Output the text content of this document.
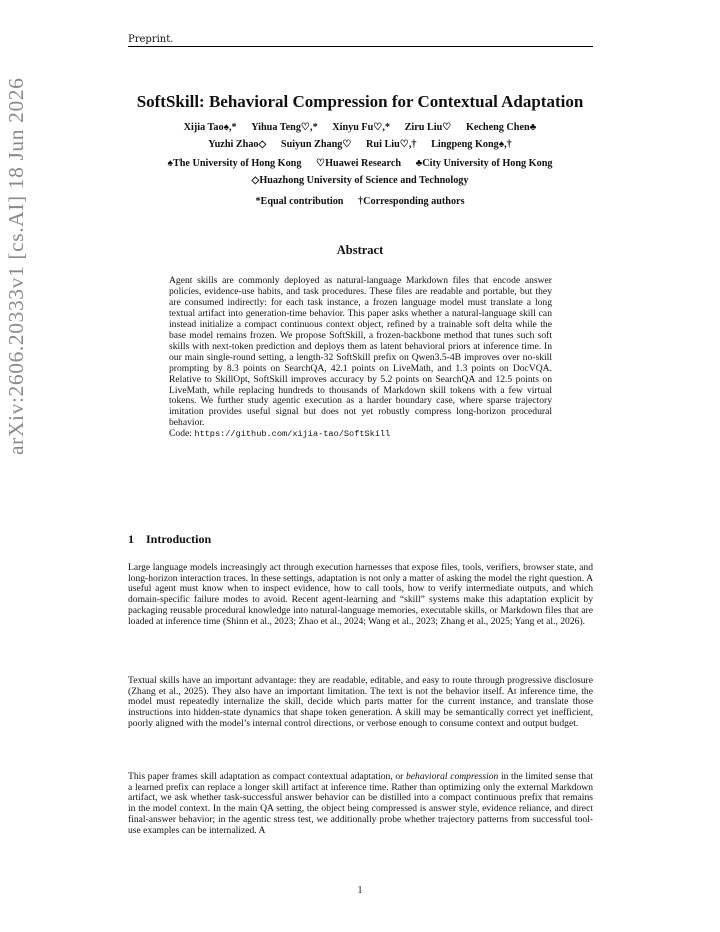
Preprint.
arXiv:2606.20333v1 [cs.AI] 18 Jun 2026	SoftSkill: Behavioral Compression for Contextual Adaptation
Xijia Tao♠,* Yihua Teng♡,* Xinyu Fu♡,* Ziru Liu♡ Kecheng Chen♣
Yuzhi Zhao◇ Suiyun Zhang♡ Rui Liu♡,† Lingpeng Kong♠,†
♠The University of Hong Kong ♡Huawei Research ♣City University of Hong Kong
◇Huazhong University of Science and Technology
*Equal contribution †Corresponding authors
Abstract
Agent skills are commonly deployed as natural-language Markdown files that encode answer policies, evidence-use habits, and task procedures. These files are readable and portable, but they are consumed indirectly: for each task instance, a frozen language model must translate a long textual artifact into generation-time behavior. This paper asks whether a natural-language skill can instead initialize a compact continuous context object, refined by a trainable soft delta while the base model remains frozen. We propose SoftSkill, a frozen-backbone method that tunes such soft skills with next-token prediction and deploys them as latent behavioral priors at inference time. In our main single-round setting, a length-32 SoftSkill prefix on Qwen3.5-4B improves over no-skill prompting by 8.3 points on SearchQA, 42.1 points on LiveMath, and 1.3 points on DocVQA. Relative to SkillOpt, SoftSkill improves accuracy by 5.2 points on SearchQA and 12.5 points on LiveMath, while replacing hundreds to thousands of Markdown skill tokens with a few virtual tokens. We further study agentic execution as a harder boundary case, where sparse trajectory imitation provides useful signal but does not yet robustly compress long-horizon procedural behavior.
Code: https://github.com/xijia-tao/SoftSkill
1 Introduction
Large language models increasingly act through execution harnesses that expose files, tools, verifiers, browser state, and long-horizon interaction traces. In these settings, adaptation is not only a matter of asking the model the right question. A useful agent must know when to inspect evidence, how to call tools, how to verify intermediate outputs, and which domain-specific failure modes to avoid. Recent agent-learning and “skill” systems make this adaptation explicit by packaging reusable procedural knowledge into natural-language memories, executable skills, or Markdown files that are loaded at inference time (Shinn et al., 2023; Zhao et al., 2024; Wang et al., 2023; Zhang et al., 2025; Yang et al., 2026).
Textual skills have an important advantage: they are readable, editable, and easy to route through progressive disclosure (Zhang et al., 2025). They also have an important limitation. The text is not the behavior itself. At inference time, the model must repeatedly internalize the skill, decide which parts matter for the current instance, and translate those instructions into hidden-state dynamics that shape token generation. A skill may be semantically correct yet inefficient, poorly aligned with the model’s internal control directions, or verbose enough to consume context and output budget.
This paper frames skill adaptation as compact contextual adaptation, or behavioral compression in the limited sense that a learned prefix can replace a longer skill artifact at inference time. Rather than optimizing only the external Markdown artifact, we ask whether task-successful answer behavior can be distilled into a compact continuous prefix that remains in the model context. In the main QA setting, the object being compressed is answer style, evidence reliance, and direct final-answer behavior; in the agentic stress test, we additionally probe whether trajectory patterns from successful tool-use examples can be internalized. A
1
